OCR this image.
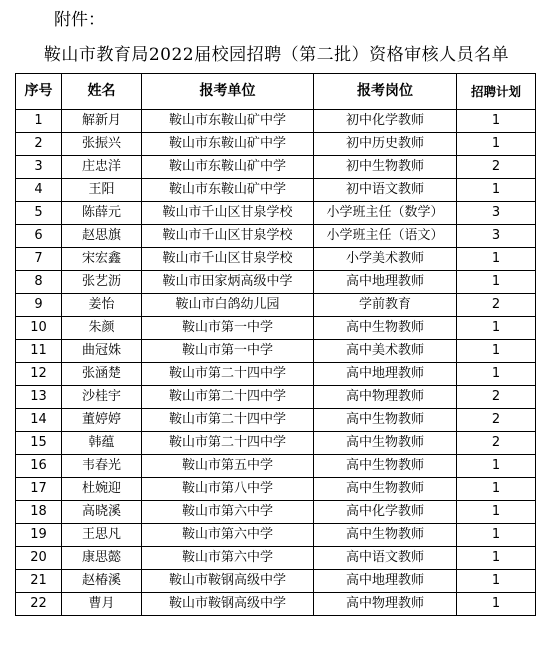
附件：
鞍山市教育局2022届校园招聘（第二批）资格审核人员名单
序号	姓名	报考单位	报考岗位	招聘计划
1	解新月	鞍山市东鞍山矿中学	初中化学教师	1
2	张振兴	鞍山市东鞍山矿中学	初中历史教师	1
3	庄忠洋	鞍山市东鞍山矿中学	初中生物教师	2
4	王阳	鞍山市东鞍山矿中学	初中语文教师	1
5	陈薛元	鞍山市千山区甘泉学校	小学班主任（数学）	3
6	赵思旗	鞍山市千山区甘泉学校	小学班主任（语文）	3
7	宋宏鑫	鞍山市千山区甘泉学校	小学美术教师	1
8	张艺沥	鞍山市田家炳高级中学	高中地理教师	1
9	姜怡	鞍山市白鸽幼儿园	学前教育	2
10	朱颜	鞍山市第一中学	高中生物教师	1
11	曲冠姝	鞍山市第一中学	高中美术教师	1
12	张涵楚	鞍山市第二十四中学	高中地理教师	1
13	沙桂宇	鞍山市第二十四中学	高中物理教师	2
14	董婷婷	鞍山市第二十四中学	高中生物教师	2
15	韩蕴	鞍山市第二十四中学	高中生物教师	2
16	韦春光	鞍山市第五中学	高中生物教师	1
17	杜婉迎	鞍山市第八中学	高中生物教师	1
18	高晓溪	鞍山市第六中学	高中化学教师	1
19	王思凡	鞍山市第六中学	高中生物教师	1
20	康思懿	鞍山市第六中学	高中语文教师	1
21	赵椿溪	鞍山市鞍钢高级中学	高中地理教师	1
22	曹月	鞍山市鞍钢高级中学	高中物理教师	1
